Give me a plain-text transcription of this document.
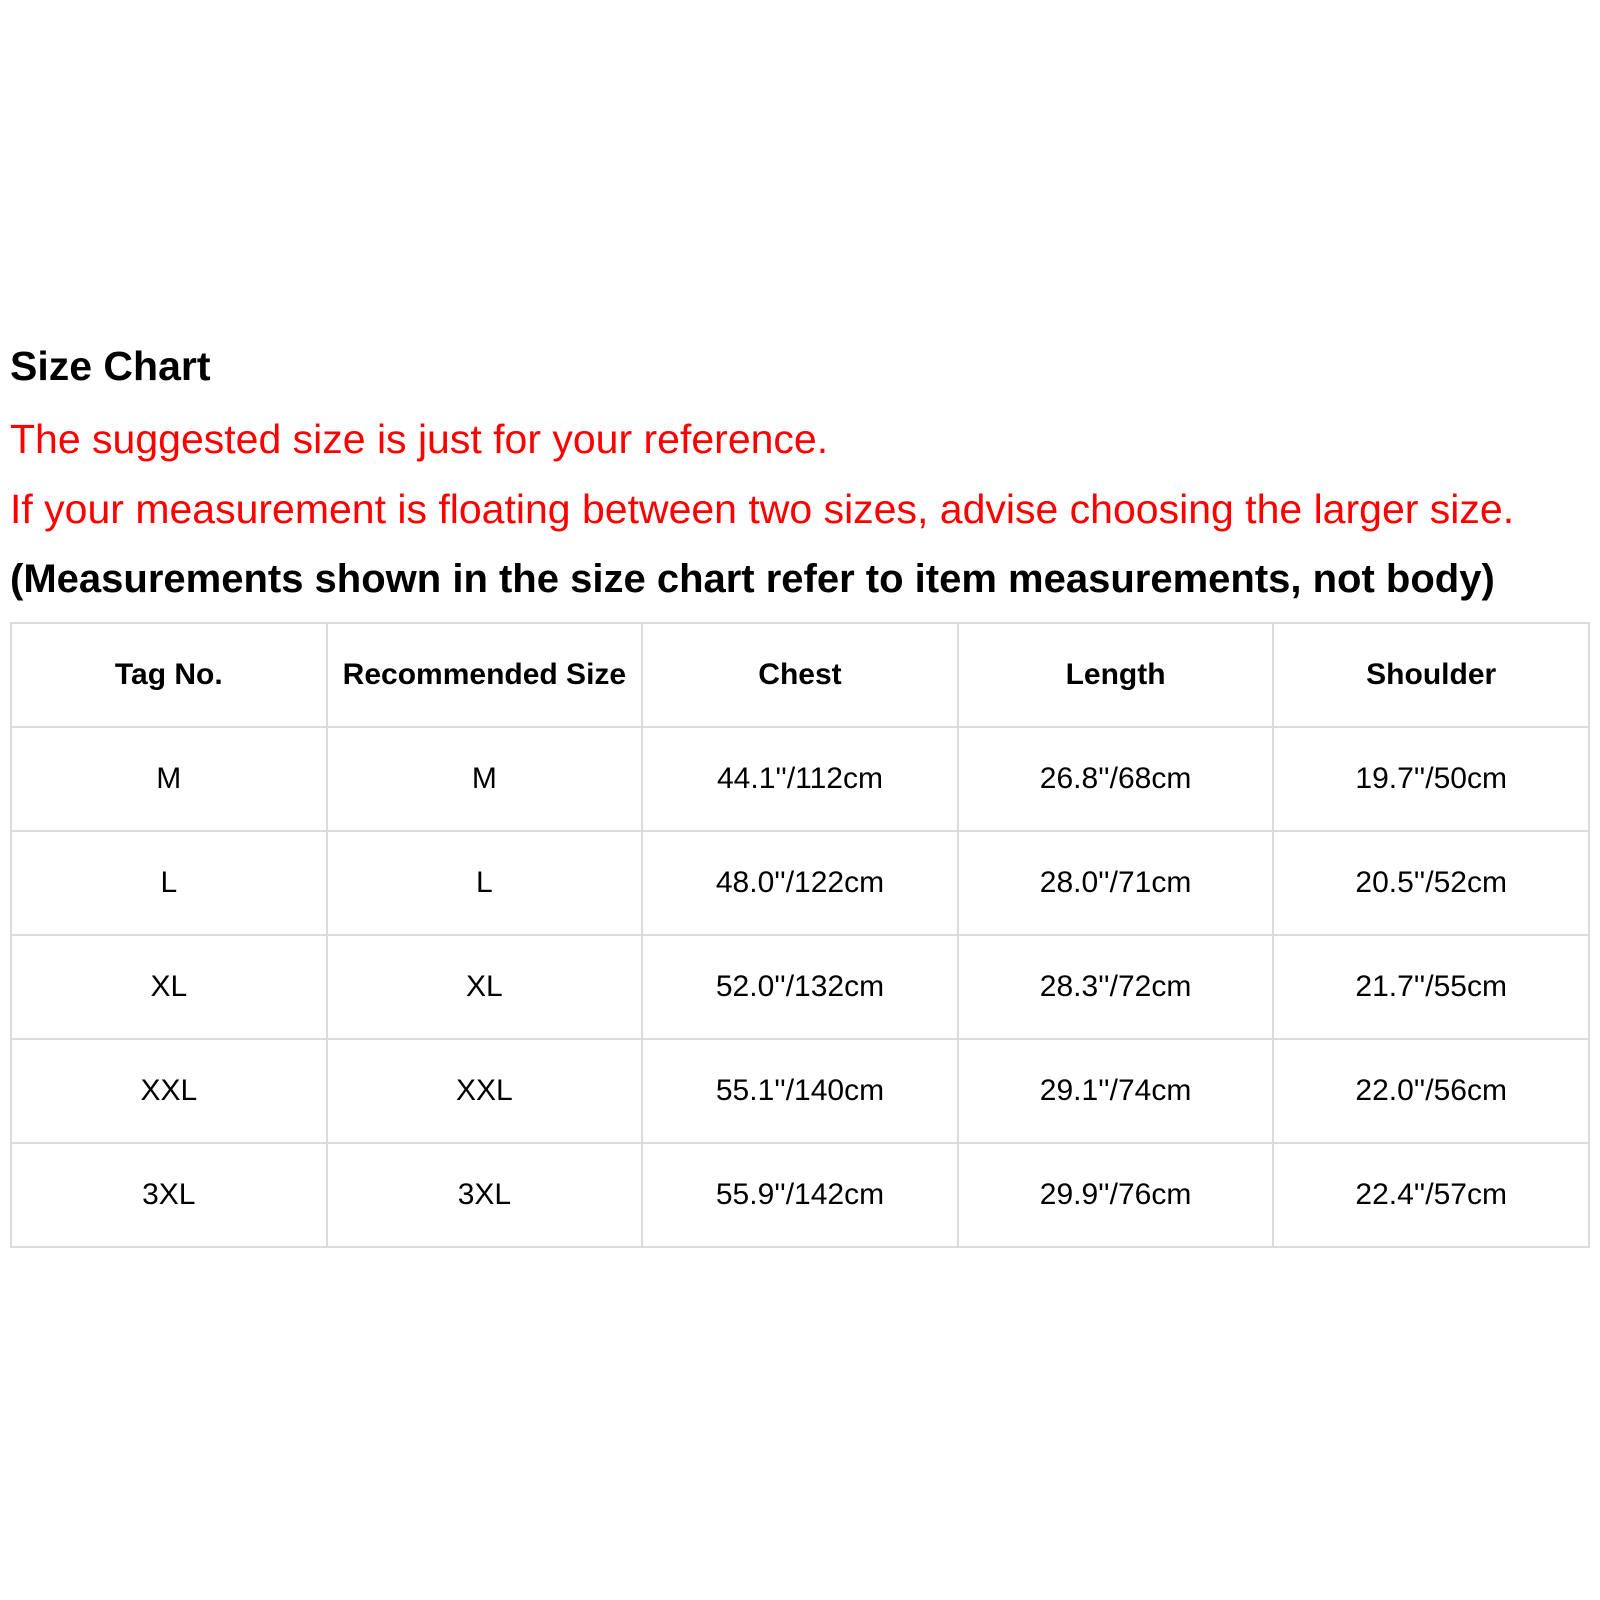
Size Chart
The suggested size is just for your reference.
If your measurement is floating between two sizes, advise choosing the larger size.
(Measurements shown in the size chart refer to item measurements, not body)
Tag No.	Recommended Size	Chest	Length	Shoulder
M	M	44.1''/112cm	26.8''/68cm	19.7''/50cm
L	L	48.0''/122cm	28.0''/71cm	20.5''/52cm
XL	XL	52.0''/132cm	28.3''/72cm	21.7''/55cm
XXL	XXL	55.1''/140cm	29.1''/74cm	22.0''/56cm
3XL	3XL	55.9''/142cm	29.9''/76cm	22.4''/57cm
